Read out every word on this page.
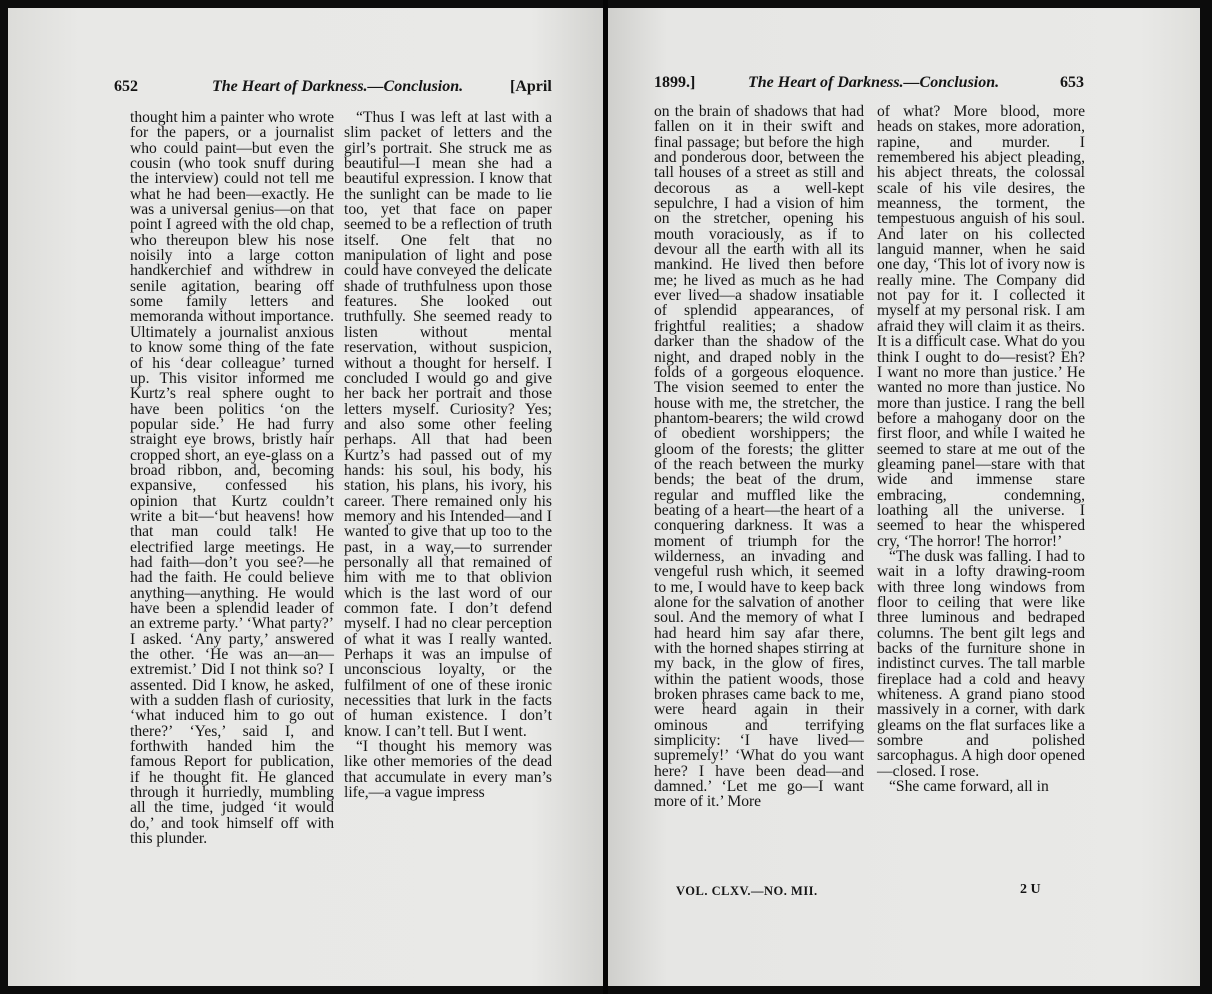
652	The Heart of Darkness.—Conclusion.	[April

thought him a painter who wrote for the papers, or a journalist who could paint—but even the cousin (who took snuff during the interview) could not tell me what he had been—exactly. He was a universal genius—on that point I agreed with the old chap, who thereupon blew his nose noisily into a large cotton handkerchief and withdrew in senile agitation, bearing off some family letters and memoranda without importance. Ultimately a journalist anxious to know some thing of the fate of his ‘dear colleague’ turned up. This visitor informed me Kurtz’s real sphere ought to have been politics ‘on the popular side.’ He had furry straight eye brows, bristly hair cropped short, an eye-glass on a broad ribbon, and, becoming expansive, confessed his opinion that Kurtz couldn’t write a bit—‘but heavens! how that man could talk! He electrified large meetings. He had faith—don’t you see?—he had the faith. He could believe anything—anything. He would have been a splendid leader of an extreme party.’ ‘What party?’ I asked. ‘Any party,’ answered the other. ‘He was an—an—extremist.’ Did I not think so? I assented. Did I know, he asked, with a sudden flash of curiosity, ‘what induced him to go out there?’ ‘Yes,’ said I, and forthwith handed him the famous Report for publication, if he thought fit. He glanced through it hurriedly, mumbling all the time, judged ‘it would do,’ and took himself off with this plunder.

“Thus I was left at last with a slim packet of letters and the girl’s portrait. She struck me as beautiful—I mean she had a beautiful expression. I know that the sunlight can be made to lie too, yet that face on paper seemed to be a reflection of truth itself. One felt that no manipulation of light and pose could have conveyed the delicate shade of truthfulness upon those features. She looked out truthfully. She seemed ready to listen without mental reservation, without suspicion, without a thought for herself. I concluded I would go and give her back her portrait and those letters myself. Curiosity? Yes; and also some other feeling perhaps. All that had been Kurtz’s had passed out of my hands: his soul, his body, his station, his plans, his ivory, his career. There remained only his memory and his Intended—and I wanted to give that up too to the past, in a way,—to surrender personally all that remained of him with me to that oblivion which is the last word of our common fate. I don’t defend myself. I had no clear perception of what it was I really wanted. Perhaps it was an impulse of unconscious loyalty, or the fulfilment of one of these ironic necessities that lurk in the facts of human existence. I don’t know. I can’t tell. But I went.

“I thought his memory was like other memories of the dead that accumulate in every man’s life,—a vague impress

1899.]	The Heart of Darkness.—Conclusion.	653

on the brain of shadows that had fallen on it in their swift and final passage; but before the high and ponderous door, between the tall houses of a street as still and decorous as a well-kept sepulchre, I had a vision of him on the stretcher, opening his mouth voraciously, as if to devour all the earth with all its mankind. He lived then before me; he lived as much as he had ever lived—a shadow insatiable of splendid appearances, of frightful realities; a shadow darker than the shadow of the night, and draped nobly in the folds of a gorgeous eloquence. The vision seemed to enter the house with me, the stretcher, the phantom-bearers; the wild crowd of obedient worshippers; the gloom of the forests; the glitter of the reach between the murky bends; the beat of the drum, regular and muffled like the beating of a heart—the heart of a conquering darkness. It was a moment of triumph for the wilderness, an invading and vengeful rush which, it seemed to me, I would have to keep back alone for the salvation of another soul. And the memory of what I had heard him say afar there, with the horned shapes stirring at my back, in the glow of fires, within the patient woods, those broken phrases came back to me, were heard again in their ominous and terrifying simplicity: ‘I have lived—supremely!’ ‘What do you want here? I have been dead—and damned.’ ‘Let me go—I want more of it.’ More

of what? More blood, more heads on stakes, more adoration, rapine, and murder. I remembered his abject pleading, his abject threats, the colossal scale of his vile desires, the meanness, the torment, the tempestuous anguish of his soul. And later on his collected languid manner, when he said one day, ‘This lot of ivory now is really mine. The Company did not pay for it. I collected it myself at my personal risk. I am afraid they will claim it as theirs. It is a difficult case. What do you think I ought to do—resist? Eh? I want no more than justice.’ He wanted no more than justice. No more than justice. I rang the bell before a mahogany door on the first floor, and while I waited he seemed to stare at me out of the gleaming panel—stare with that wide and immense stare embracing, condemning, loathing all the universe. I seemed to hear the whispered cry, ‘The horror! The horror!’

“The dusk was falling. I had to wait in a lofty drawing-room with three long windows from floor to ceiling that were like three luminous and bedraped columns. The bent gilt legs and backs of the furniture shone in indistinct curves. The tall marble fireplace had a cold and heavy whiteness. A grand piano stood massively in a corner, with dark gleams on the flat surfaces like a sombre and polished sarcophagus. A high door opened—closed. I rose.

“She came forward, all in

VOL. CLXV.—NO. MII.	2 U
